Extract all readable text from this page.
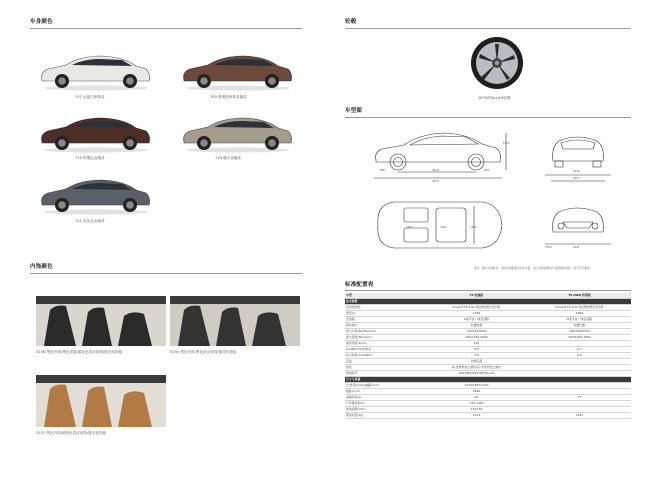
车身颜色
707 水晶白珍珠漆	700 黑褐色珍珠金属漆
712 玫瑰色金属漆	718 暖沙金属漆
721 钛灰色金属漆
内饰颜色
510N 黑色内饰/黑色顶篷/碳灰色真皮座椅/抛光铝饰板	5190 黑色内饰/黑色真皮座椅/抛光铝饰板
5107 黑色内饰/琥珀色真皮座椅/抛光铝饰板
轮毂
18"METALLAH轮毂
车型图
880	2646	844
4370
1470
1549
1857
1435	1304	1360
1559	2041
备注：图片仅供参考，实际车型配备以实车为准，本公司保留修改产品规格的权利，恕不另行通知。
标准配置表
车型	T5 智逸版	T5 AWD 智尊版
技术参数		
发动机类型	Drive-E T5 2.0L 4缸涡轮增压发动机	Drive-E T5 2.0L 4缸涡轮增压发动机
排量(L)	1969	1969
变速箱	8速手自一体变速箱	8速手自一体变速箱
驱动模式	前置前驱	前置四驱
最大功率(kw/Hp/rpm)	112/152/5000	180/245/5500
最大扭矩(Nm/rpm)	250/1700-4000	350/1500-4800
最高速度(km/h)	210	
0-100km/h加速(s)	8.5	6.7
综合油耗(L/100km)	5.8	6.6
底盘	动感底盘	
悬挂	前:麦弗逊独立悬挂/后:多连杆独立悬挂	
燃油标号	95#/98#/E10 METALLAH	
尺寸与重量		
长/宽/高(mm)/轴距(mm)	4370/1857/1470	
轴距(mm)	2646	
油箱容积(L)	62	57
行李箱容积(L)	335-1445	
离地间隙(mm)	143/155	
整备质量(kg)	1513	1612
